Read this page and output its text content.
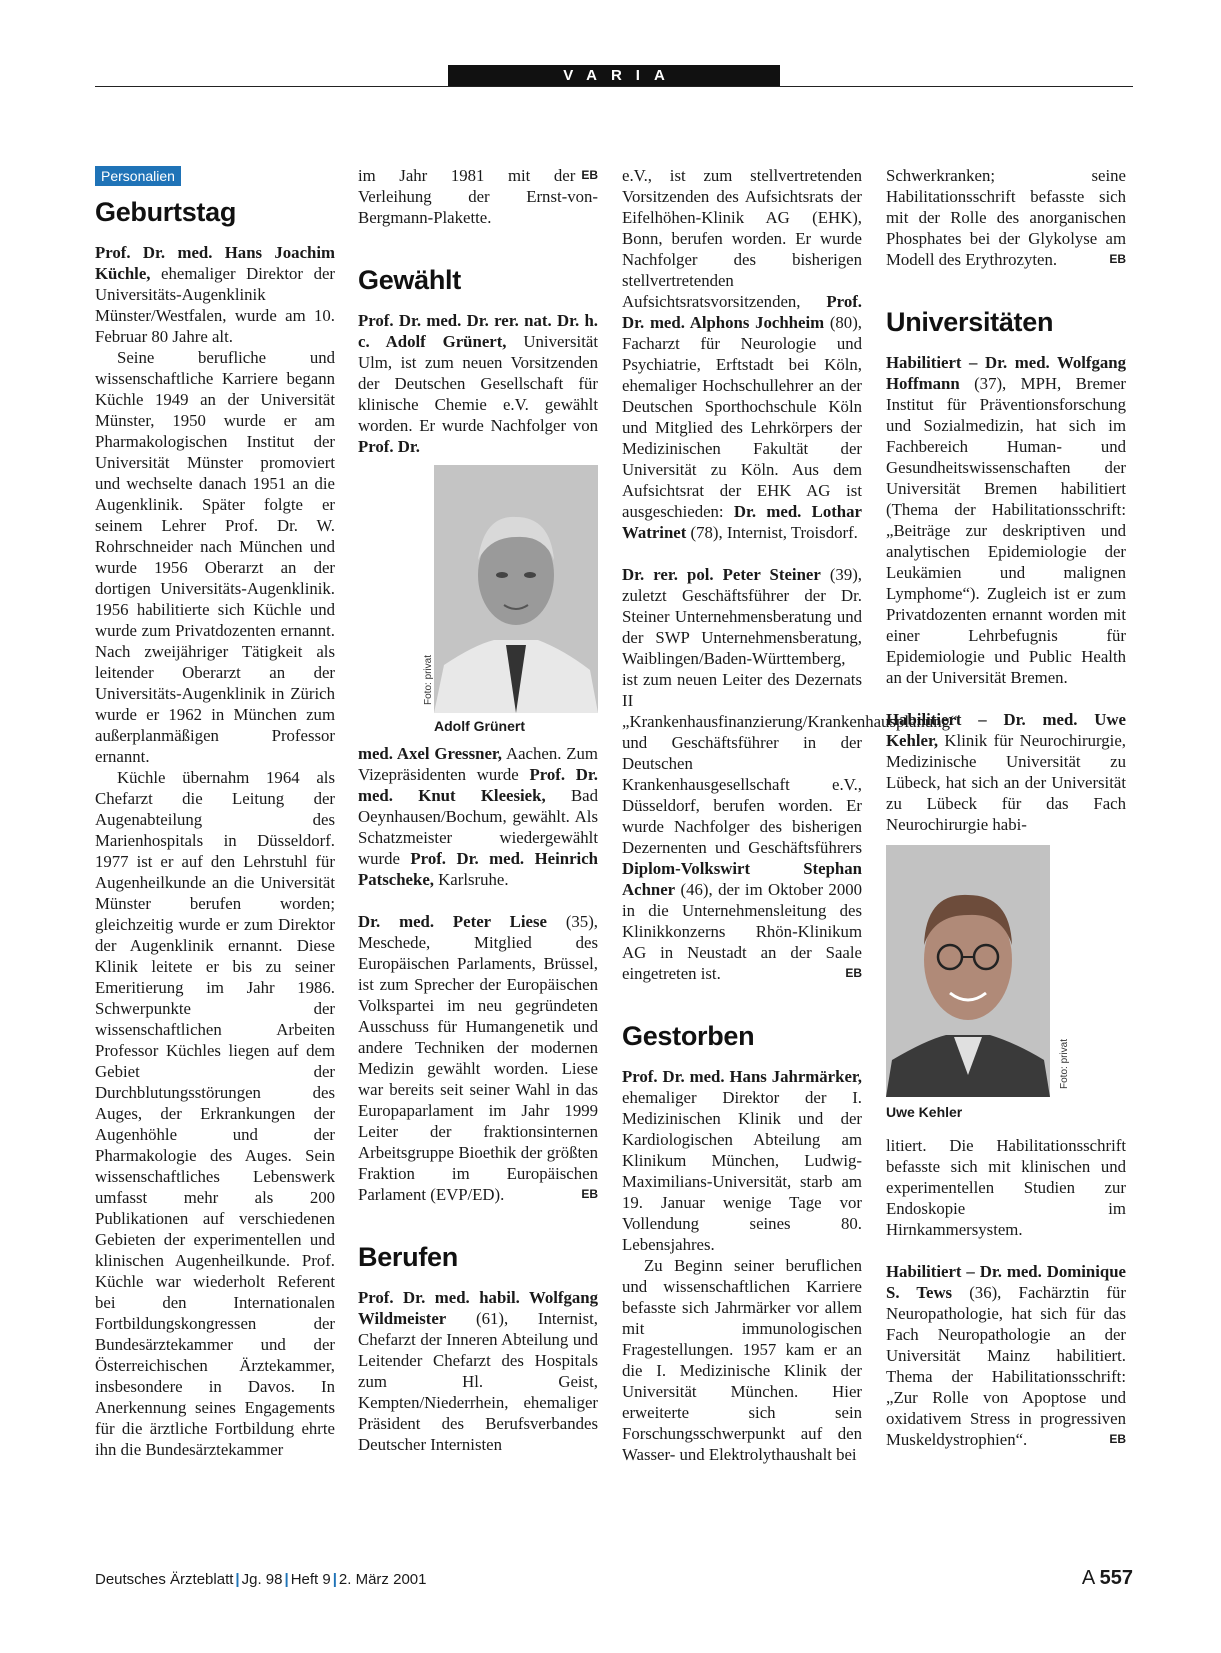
VARIA
Personalien
Geburtstag

Prof. Dr. med. Hans Joachim Küchle, ehemaliger Direktor der Universitäts-Augenklinik Münster/Westfalen, wurde am 10. Februar 80 Jahre alt.

Seine berufliche und wissenschaftliche Karriere begann Küchle 1949 an der Universität Münster, 1950 wurde er am Pharmakologischen Institut der Universität Münster promoviert und wechselte danach 1951 an die Augenklinik. Später folgte er seinem Lehrer Prof. Dr. W. Rohrschneider nach München und wurde 1956 Oberarzt an der dortigen Universitäts-Augenklinik. 1956 habilitierte sich Küchle und wurde zum Privatdozenten ernannt. Nach zweijähriger Tätigkeit als leitender Oberarzt an der Universitäts-Augenklinik in Zürich wurde er 1962 in München zum außerplanmäßigen Professor ernannt.

Küchle übernahm 1964 als Chefarzt die Leitung der Augenabteilung des Marienhospitals in Düsseldorf. 1977 ist er auf den Lehrstuhl für Augenheilkunde an die Universität Münster berufen worden; gleichzeitig wurde er zum Direktor der Augenklinik ernannt. Diese Klinik leitete er bis zu seiner Emeritierung im Jahr 1986. Schwerpunkte der wissenschaftlichen Arbeiten Professor Küchles liegen auf dem Gebiet der Durchblutungsstörungen des Auges, der Erkrankungen der Augenhöhle und der Pharmakologie des Auges. Sein wissenschaftliches Lebenswerk umfasst mehr als 200 Publikationen auf verschiedenen Gebieten der experimentellen und klinischen Augenheilkunde. Prof. Küchle war wiederholt Referent bei den Internationalen Fortbildungskongressen der Bundesärztekammer und der Österreichischen Ärztekammer, insbesondere in Davos. In Anerkennung seines Engagements für die ärztliche Fortbildung ehrte ihn die Bundesärztekammer

EB
im Jahr 1981 mit der Verleihung der Ernst-von-Bergmann-Plakette.

Gewählt

Prof. Dr. med. Dr. rer. nat. Dr. h. c. Adolf Grünert, Universität Ulm, ist zum neuen Vorsitzenden der Deutschen Gesellschaft für klinische Chemie e.V. gewählt worden. Er wurde Nachfolger von Prof. Dr.

Foto: privat
Adolf Grünert

med. Axel Gressner, Aachen. Zum Vizepräsidenten wurde Prof. Dr. med. Knut Kleesiek, Bad Oeynhausen/Bochum, gewählt. Als Schatzmeister wiedergewählt wurde Prof. Dr. med. Heinrich Patscheke, Karlsruhe.

Dr. med. Peter Liese (35), Meschede, Mitglied des Europäischen Parlaments, Brüssel, ist zum Sprecher der Europäischen Volkspartei im neu gegründeten Ausschuss für Humangenetik und andere Techniken der modernen Medizin gewählt worden. Liese war bereits seit seiner Wahl in das Europaparlament im Jahr 1999 Leiter der fraktionsinternen Arbeitsgruppe Bioethik der größten Fraktion im Europäischen Parlament (EVP/ED).	EB

Berufen

Prof. Dr. med. habil. Wolfgang Wildmeister (61), Internist, Chefarzt der Inneren Abteilung und Leitender Chefarzt des Hospitals zum Hl. Geist, Kempten/Niederrhein, ehemaliger Präsident des Berufsverbandes Deutscher Internisten

e.V., ist zum stellvertretenden Vorsitzenden des Aufsichtsrats der Eifelhöhen-Klinik AG (EHK), Bonn, berufen worden. Er wurde Nachfolger des bisherigen stellvertretenden Aufsichtsratsvorsitzenden, Prof. Dr. med. Alphons Jochheim (80), Facharzt für Neurologie und Psychiatrie, Erftstadt bei Köln, ehemaliger Hochschullehrer an der Deutschen Sporthochschule Köln und Mitglied des Lehrkörpers der Medizinischen Fakultät der Universität zu Köln. Aus dem Aufsichtsrat der EHK AG ist ausgeschieden: Dr. med. Lothar Watrinet (78), Internist, Troisdorf.

Dr. rer. pol. Peter Steiner (39), zuletzt Geschäftsführer der Dr. Steiner Unternehmensberatung und der SWP Unternehmensberatung, Waiblingen/Baden-Württemberg, ist zum neuen Leiter des Dezernats II „Krankenhausfinanzierung/Krankenhausplanung“ und Geschäftsführer in der Deutschen Krankenhausgesellschaft e.V., Düsseldorf, berufen worden. Er wurde Nachfolger des bisherigen Dezernenten und Geschäftsführers Diplom-Volkswirt Stephan Achner (46), der im Oktober 2000 in die Unternehmensleitung des Klinikkonzerns Rhön-Klinikum AG in Neustadt an der Saale eingetreten ist.	EB

Gestorben

Prof. Dr. med. Hans Jahrmärker, ehemaliger Direktor der I. Medizinischen Klinik und der Kardiologischen Abteilung am Klinikum München, Ludwig-Maximilians-Universität, starb am 19. Januar wenige Tage vor Vollendung seines 80. Lebensjahres.

Zu Beginn seiner beruflichen und wissenschaftlichen Karriere befasste sich Jahrmärker vor allem mit immunologischen Fragestellungen. 1957 kam er an die I. Medizinische Klinik der Universität München. Hier erweiterte sich sein Forschungsschwerpunkt auf den Wasser- und Elektrolythaushalt bei

Schwerkranken; seine Habilitationsschrift befasste sich mit der Rolle des anorganischen Phosphates bei der Glykolyse am Modell des Erythrozyten.	EB

Universitäten

Habilitiert – Dr. med. Wolfgang Hoffmann (37), MPH, Bremer Institut für Präventionsforschung und Sozialmedizin, hat sich im Fachbereich Human- und Gesundheitswissenschaften der Universität Bremen habilitiert (Thema der Habilitationsschrift: „Beiträge zur deskriptiven und analytischen Epidemiologie der Leukämien und malignen Lymphome“). Zugleich ist er zum Privatdozenten ernannt worden mit einer Lehrbefugnis für Epidemiologie und Public Health an der Universität Bremen.

Habilitiert – Dr. med. Uwe Kehler, Klinik für Neurochirurgie, Medizinische Universität zu Lübeck, hat sich an der Universität zu Lübeck für das Fach Neurochirurgie habi-

Foto: privat
Uwe Kehler

litiert. Die Habilitationsschrift befasste sich mit klinischen und experimentellen Studien zur Endoskopie im Hirnkammersystem.

Habilitiert – Dr. med. Dominique S. Tews (36), Fachärztin für Neuropathologie, hat sich für das Fach Neuropathologie an der Universität Mainz habilitiert. Thema der Habilitationsschrift: „Zur Rolle von Apoptose und oxidativem Stress in progressiven Muskeldystrophien“.	EB

Deutsches Ärzteblatt | Jg. 98 | Heft 9 | 2. März 2001	A 557
